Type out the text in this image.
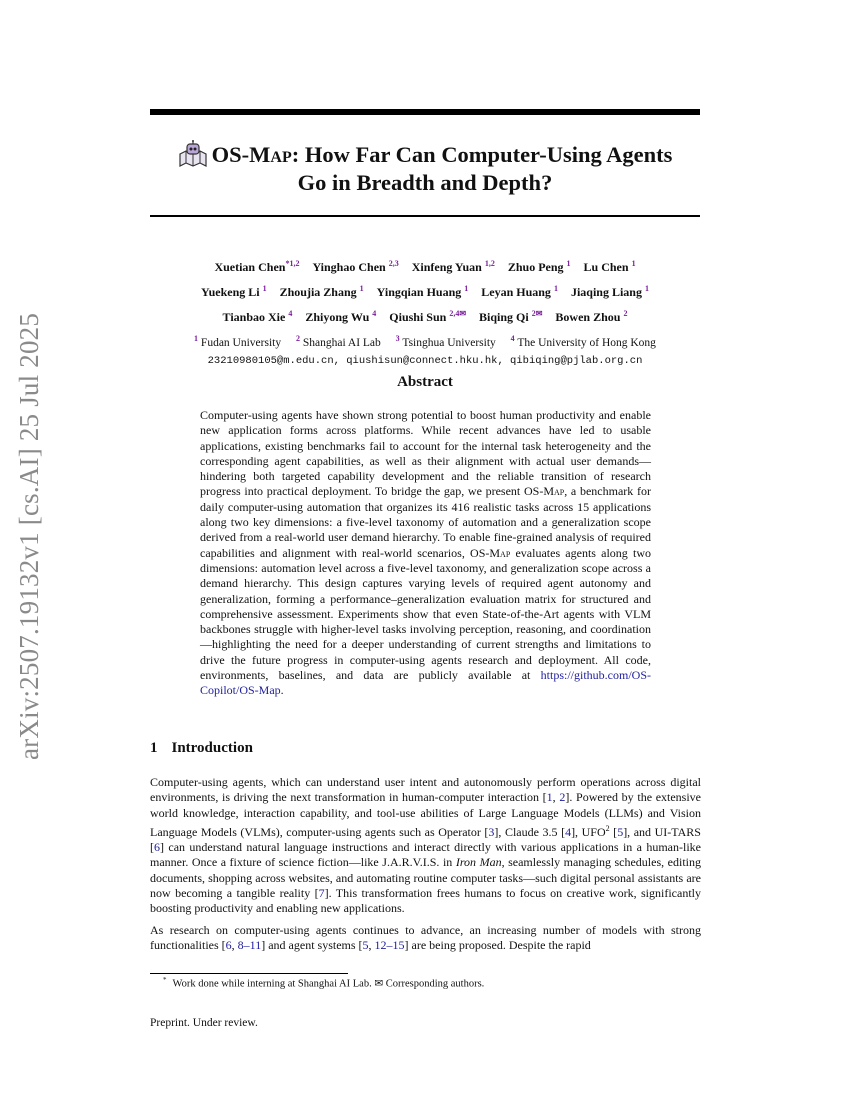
arXiv:2507.19132v1 [cs.AI] 25 Jul 2025
OS-Map: How Far Can Computer-Using Agents
Go in Breadth and Depth?
Xuetian Chen$^{*1,2}$ Yinghao Chen $^{2,3}$ Xinfeng Yuan $^{1,2}$ Zhuo Peng $^1$ Lu Chen $^1$
Yuekeng Li $^1$ Zhoujia Zhang $^1$ Yingqian Huang $^1$ Leyan Huang $^1$ Jiaqing Liang $^1$
Tianbao Xie $^4$ Zhiyong Wu $^4$ Qiushi Sun $^{2,4✉}$ Biqing Qi $^{2✉}$ Bowen Zhou $^2$
$^1$ Fudan University $^2$ Shanghai AI Lab $^3$ Tsinghua University $^4$ The University of Hong Kong
23210980105@m.edu.cn, qiushisun@connect.hku.hk, qibiqing@pjlab.org.cn
Abstract
Computer-using agents have shown strong potential to boost human productivity and enable new application forms across platforms. While recent advances have led to usable applications, existing benchmarks fail to account for the internal task heterogeneity and the corresponding agent capabilities, as well as their alignment with actual user demands—hindering both targeted capability development and the reliable transition of research progress into practical deployment. To bridge the gap, we present OS-Map, a benchmark for daily computer-using automation that organizes its 416 realistic tasks across 15 applications along two key dimensions: a five-level taxonomy of automation and a generalization scope derived from a real-world user demand hierarchy. To enable fine-grained analysis of required capabilities and alignment with real-world scenarios, OS-Map evaluates agents along two dimensions: automation level across a five-level taxonomy, and generalization scope across a demand hierarchy. This design captures varying levels of required agent autonomy and generalization, forming a performance–generalization evaluation matrix for structured and comprehensive assessment. Experiments show that even State-of-the-Art agents with VLM backbones struggle with higher-level tasks involving perception, reasoning, and coordination—highlighting the need for a deeper understanding of current strengths and limitations to drive the future progress in computer-using agents research and deployment. All code, environments, baselines, and data are publicly available at https://github.com/OS-Copilot/OS-Map.
1 Introduction

Computer-using agents, which can understand user intent and autonomously perform operations across digital environments, is driving the next transformation in human-computer interaction [1, 2]. Powered by the extensive world knowledge, interaction capability, and tool-use abilities of Large Language Models (LLMs) and Vision Language Models (VLMs), computer-using agents such as Operator [3], Claude 3.5 [4], UFO$^2$ [5], and UI-TARS [6] can understand natural language instructions and interact directly with various applications in a human-like manner. Once a fixture of science fiction—like J.A.R.V.I.S. in Iron Man, seamlessly managing schedules, editing documents, shopping across websites, and automating routine computer tasks—such digital personal assistants are now becoming a tangible reality [7]. This transformation frees humans to focus on creative work, significantly boosting productivity and enabling new applications.

As research on computer-using agents continues to advance, an increasing number of models with strong functionalities [6, 8–11] and agent systems [5, 12–15] are being proposed. Despite the rapid

* Work done while interning at Shanghai AI Lab. ✉ Corresponding authors.
Preprint. Under review.
